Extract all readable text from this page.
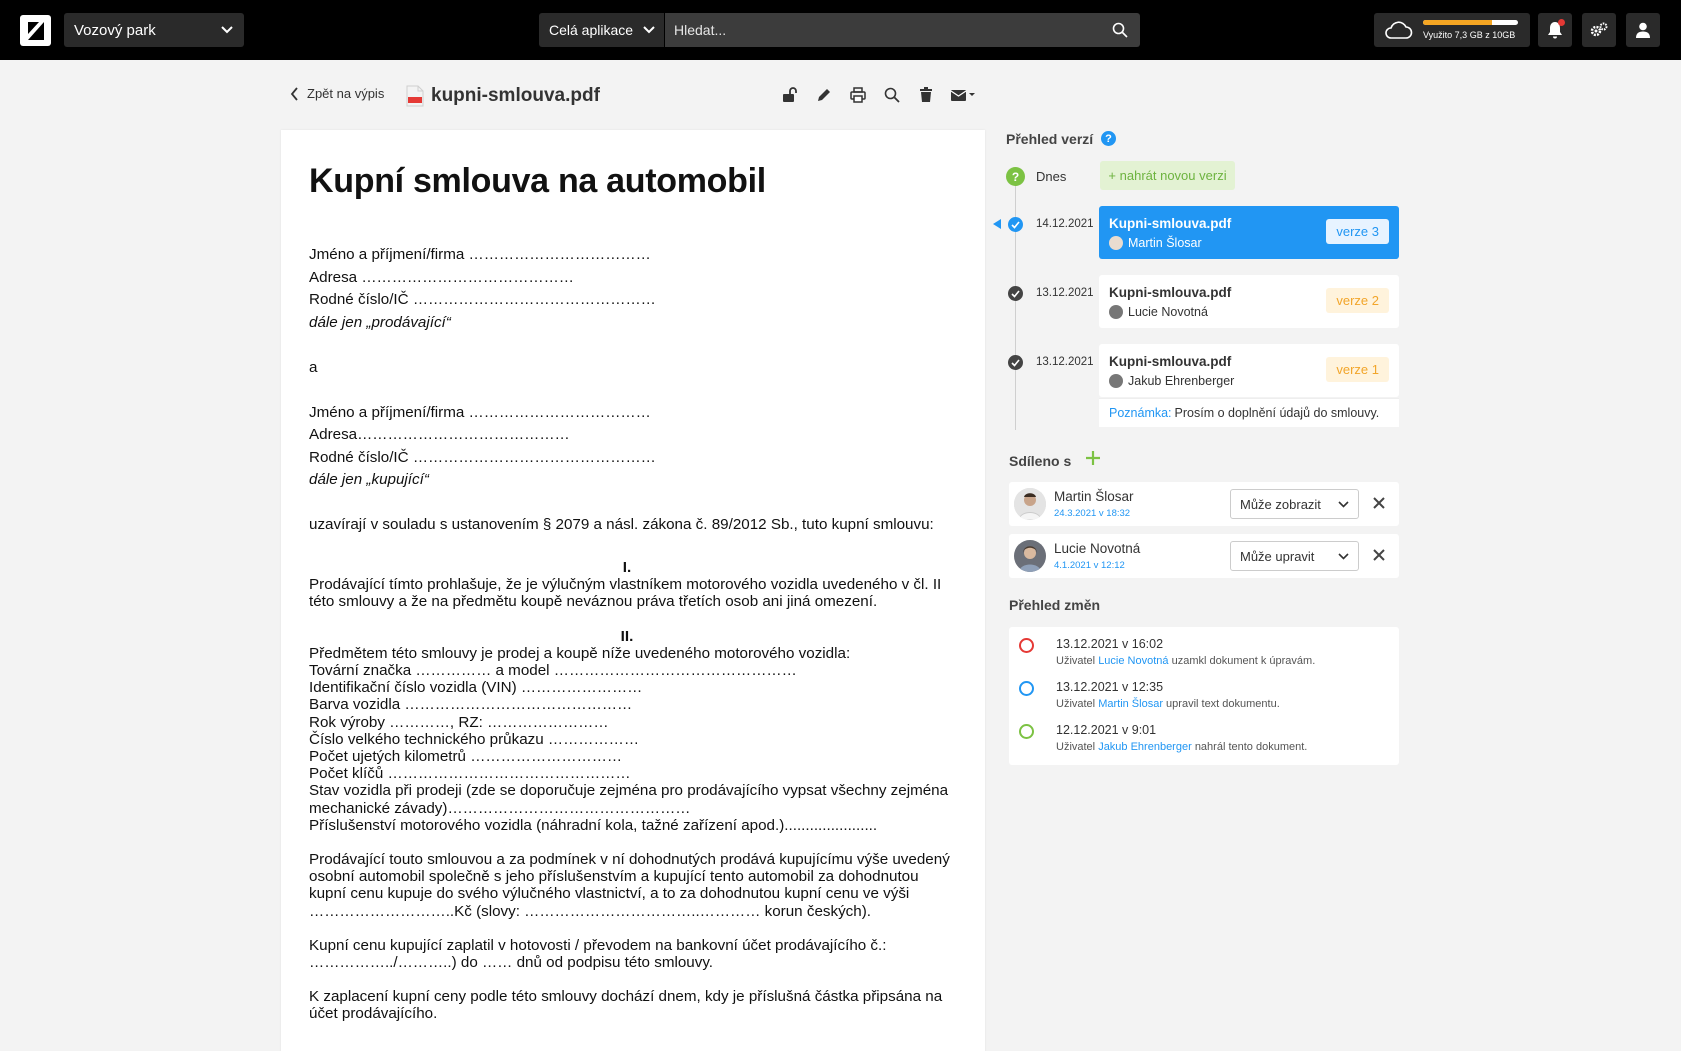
Vozový park	Celá aplikace
Hledat...	Využito 7,3 GB z 10GB
Zpět na výpis kupni-smlouva.pdf
Kupní smlouva na automobil

Jméno a příjmení/firma ………………………………

Adresa ……………………………………

Rodné číslo/IČ …………………………………………

dále jen „prodávající“

a

Jméno a příjmení/firma ………………………………

Adresa……………………………………

Rodné číslo/IČ …………………………………………

dále jen „kupující“

uzavírají v souladu s ustanovením § 2079 a násl. zákona č. 89/2012 Sb., tuto kupní smlouvu:

I.

Prodávající tímto prohlašuje, že je výlučným vlastníkem motorového vozidla uvedeného v čl. II této smlouvy a že na předmětu koupě neváznou práva třetích osob ani jiná omezení.

II.

Předmětem této smlouvy je prodej a koupě níže uvedeného motorového vozidla:

Tovární značka …………… a model …………………………………………

Identifikační číslo vozidla (VIN) ……………………

Barva vozidla ………………………………………

Rok výroby …………, RZ: ……………………

Číslo velkého technického průkazu ………………

Počet ujetých kilometrů …………………………

Počet klíčů …………………………………………

Stav vozidla při prodeji (zde se doporučuje zejména pro prodávajícího vypsat všechny zejména mechanické závady)…………………………………………

Příslušenství motorového vozidla (náhradní kola, tažné zařízení apod.)......................

Prodávající touto smlouvou a za podmínek v ní dohodnutých prodává kupujícímu výše uvedený osobní automobil společně s jeho příslušenstvím a kupující tento automobil za dohodnutou kupní cenu kupuje do svého výlučného vlastnictví, a to za dohodnutou kupní cenu ve výši ………………………..Kč (slovy: ……………………………..………… korun českých).

Kupní cenu kupující zaplatil v hotovosti / převodem na bankovní účet prodávajícího č.: ……………../………..) do …… dnů od podpisu této smlouvy.

K zaplacení kupní ceny podle této smlouvy dochází dnem, kdy je příslušná částka připsána na účet prodávajícího.

Přehled verzí	?
?	Dnes	+ nahrát novou verzi
14.12.2021 Kupni-smlouva.pdf
Martin Šlosar
verze 3
13.12.2021 Kupni-smlouva.pdf
Lucie Novotná
verze 2
13.12.2021 Kupni-smlouva.pdf
Jakub Ehrenberger
verze 1
Poznámka: Prosím o doplnění údajů do smlouvy.
Sdíleno s
Martin Šlosar
24.3.2021 v 18:32
Může zobrazit
Lucie Novotná
4.1.2021 v 12:12
Může upravit
Přehled změn
13.12.2021 v 16:02
Uživatel Lucie Novotná uzamkl dokument k úpravám.
13.12.2021 v 12:35
Uživatel Martin Šlosar upravil text dokumentu.
12.12.2021 v 9:01
Uživatel Jakub Ehrenberger nahrál tento dokument.
